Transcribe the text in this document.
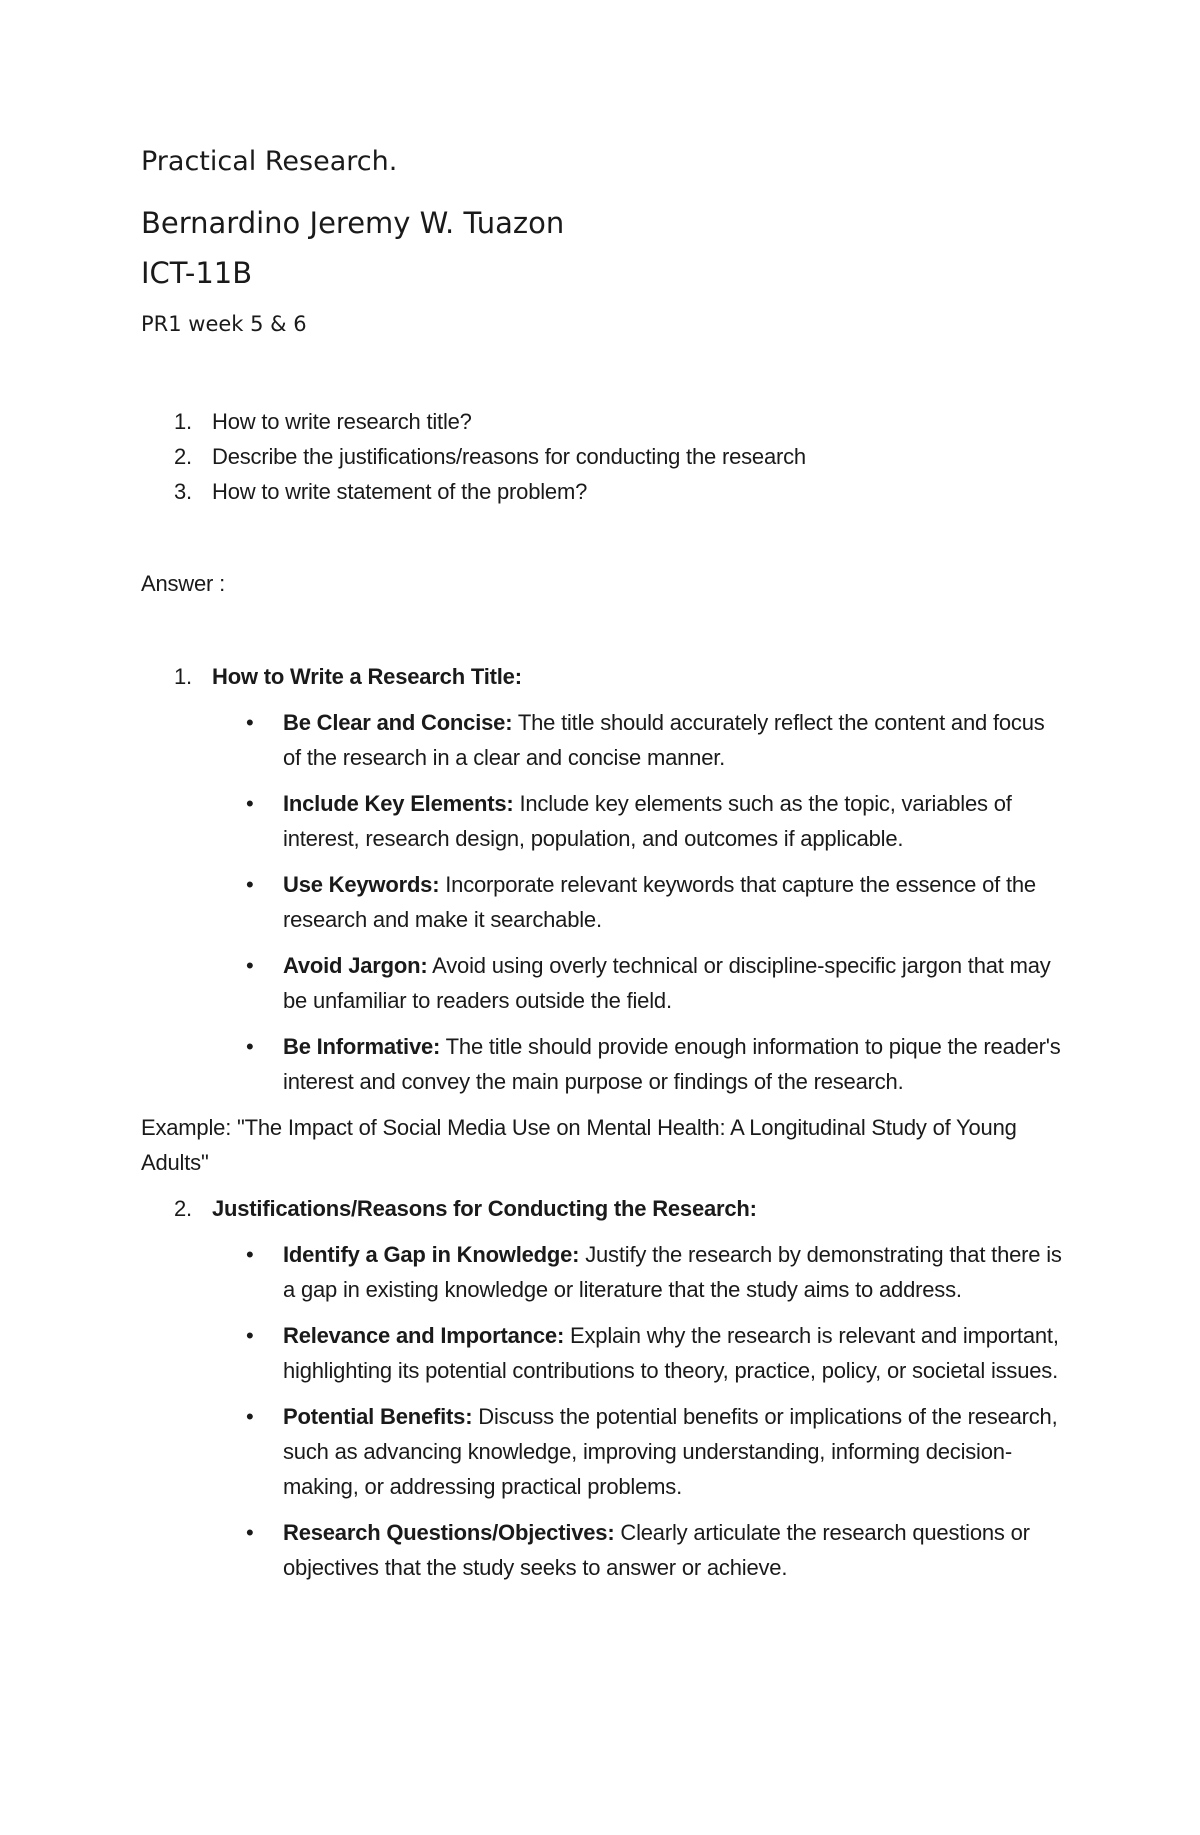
Practical Research.
Bernardino Jeremy W. Tuazon
ICT-11B
PR1 week 5 & 6
1. How to write research title?
2. Describe the justifications/reasons for conducting the research
3. How to write statement of the problem?
Answer :
1. How to Write a Research Title:
• Be Clear and Concise: The title should accurately reflect the content and focus of the research in a clear and concise manner.
• Include Key Elements: Include key elements such as the topic, variables of interest, research design, population, and outcomes if applicable.
• Use Keywords: Incorporate relevant keywords that capture the essence of the research and make it searchable.
• Avoid Jargon: Avoid using overly technical or discipline-specific jargon that may be unfamiliar to readers outside the field.
• Be Informative: The title should provide enough information to pique the reader's interest and convey the main purpose or findings of the research.
Example: "The Impact of Social Media Use on Mental Health: A Longitudinal Study of Young Adults"
2. Justifications/Reasons for Conducting the Research:
• Identify a Gap in Knowledge: Justify the research by demonstrating that there is a gap in existing knowledge or literature that the study aims to address.
• Relevance and Importance: Explain why the research is relevant and important, highlighting its potential contributions to theory, practice, policy, or societal issues.
• Potential Benefits: Discuss the potential benefits or implications of the research, such as advancing knowledge, improving understanding, informing decision-making, or addressing practical problems.
• Research Questions/Objectives: Clearly articulate the research questions or objectives that the study seeks to answer or achieve.
